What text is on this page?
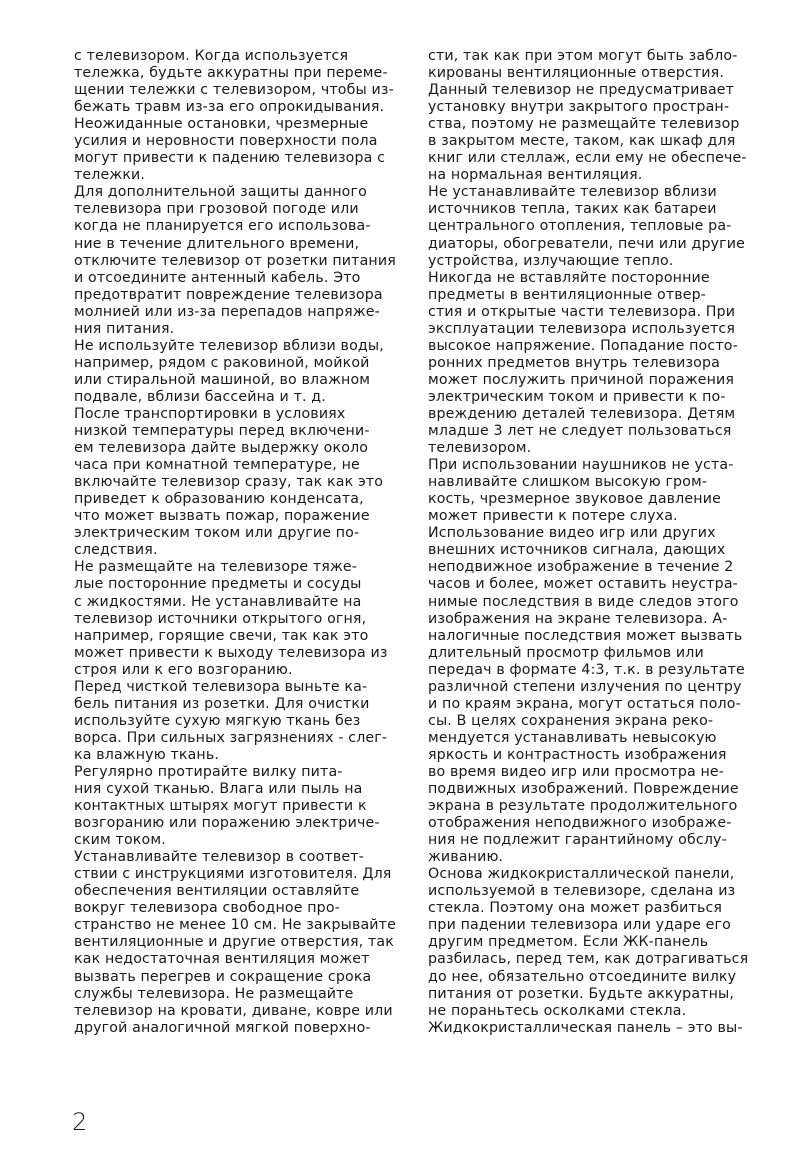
с телевизором. Когда используется
тележка, будьте аккуратны при переме-
щении тележки с телевизором, чтобы из-
бежать травм из-за его опрокидывания.
Неожиданные остановки, чрезмерные
усилия и неровности поверхности пола
могут привести к падению телевизора с
тележки.
Для дополнительной защиты данного
телевизора при грозовой погоде или
когда не планируется его использова-
ние в течение длительного времени,
отключите телевизор от розетки питания
и отсоедините антенный кабель. Это
предотвратит повреждение телевизора
молнией или из-за перепадов напряже-
ния питания.
Не используйте телевизор вблизи воды,
например, рядом с раковиной, мойкой
или стиральной машиной, во влажном
подвале, вблизи бассейна и т. д.
После транспортировки в условиях
низкой температуры перед включени-
ем телевизора дайте выдержку около
часа при комнатной температуре, не
включайте телевизор сразу, так как это
приведет к образованию конденсата,
что может вызвать пожар, поражение
электрическим током или другие по-
следствия.
Не размещайте на телевизоре тяже-
лые посторонние предметы и сосуды
с жидкостями. Не устанавливайте на
телевизор источники открытого огня,
например, горящие свечи, так как это
может привести к выходу телевизора из
строя или к его возгоранию.
Перед чисткой телевизора выньте ка-
бель питания из розетки. Для очистки
используйте сухую мягкую ткань без
ворса. При сильных загрязнениях - слег-
ка влажную ткань.
Регулярно протирайте вилку пита-
ния сухой тканью. Влага или пыль на
контактных штырях могут привести к
возгоранию или поражению электриче-
ским током.
Устанавливайте телевизор в соответ-
ствии с инструкциями изготовителя. Для
обеспечения вентиляции оставляйте
вокруг телевизора свободное про-
странство не менее 10 см. Не закрывайте
вентиляционные и другие отверстия, так
как недостаточная вентиляция может
вызвать перегрев и сокращение срока
службы телевизора. Не размещайте
телевизор на кровати, диване, ковре или
другой аналогичной мягкой поверхно-
сти, так как при этом могут быть забло-
кированы вентиляционные отверстия.
Данный телевизор не предусматривает
установку внутри закрытого простран-
ства, поэтому не размещайте телевизор
в закрытом месте, таком, как шкаф для
книг или стеллаж, если ему не обеспече-
на нормальная вентиляция.
Не устанавливайте телевизор вблизи
источников тепла, таких как батареи
центрального отопления, тепловые ра-
диаторы, обогреватели, печи или другие
устройства, излучающие тепло.
Никогда не вставляйте посторонние
предметы в вентиляционные отвер-
стия и открытые части телевизора. При
эксплуатации телевизора используется
высокое напряжение. Попадание посто-
ронних предметов внутрь телевизора
может послужить причиной поражения
электрическим током и привести к по-
вреждению деталей телевизора. Детям
младше 3 лет не следует пользоваться
телевизором.
При использовании наушников не уста-
навливайте слишком высокую гром-
кость, чрезмерное звуковое давление
может привести к потере слуха.
Использование видео игр или других
внешних источников сигнала, дающих
неподвижное изображение в течение 2
часов и более, может оставить неустра-
нимые последствия в виде следов этого
изображения на экране телевизора. А-
налогичные последствия может вызвать
длительный просмотр фильмов или
передач в формате 4:3, т.к. в результате
различной степени излучения по центру
и по краям экрана, могут остаться поло-
сы. В целях сохранения экрана реко-
мендуется устанавливать невысокую
яркость и контрастность изображения
во время видео игр или просмотра не-
подвижных изображений. Повреждение
экрана в результате продолжительного
отображения неподвижного изображе-
ния не подлежит гарантийному обслу-
живанию.
Основа жидкокристаллической панели,
используемой в телевизоре, сделана из
стекла. Поэтому она может разбиться
при падении телевизора или ударе его
другим предметом. Если ЖК-панель
разбилась, перед тем, как дотрагиваться
до нее, обязательно отсоедините вилку
питания от розетки. Будьте аккуратны,
не пораньтесь осколками стекла.
Жидкокристаллическая панель – это вы-
2
